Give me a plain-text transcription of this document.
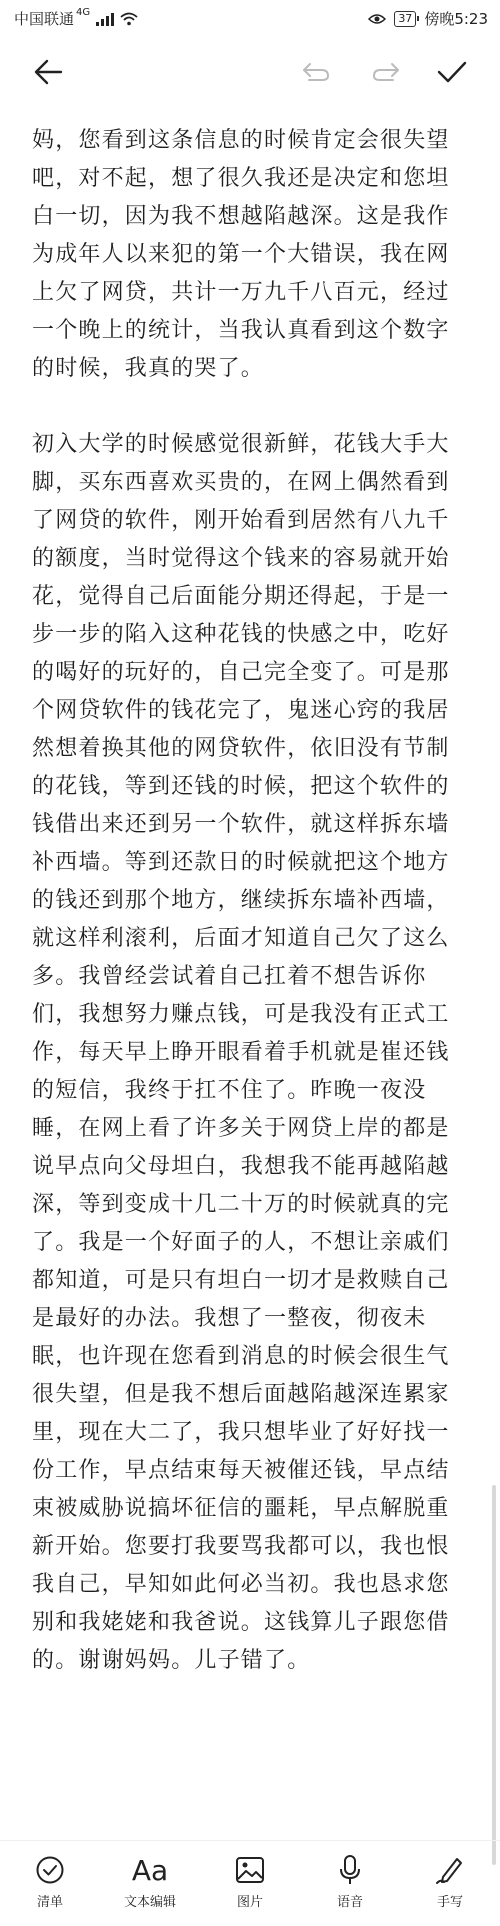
中国联通 4G	37 傍晚5:23

妈，您看到这条信息的时候肯定会很失望吧，对不起，想了很久我还是决定和您坦白一切，因为我不想越陷越深。这是我作为成年人以来犯的第一个大错误，我在网上欠了网贷，共计一万九千八百元，经过一个晚上的统计，当我认真看到这个数字的时候，我真的哭了。

初入大学的时候感觉很新鲜，花钱大手大脚，买东西喜欢买贵的，在网上偶然看到了网贷的软件，刚开始看到居然有八九千的额度，当时觉得这个钱来的容易就开始花，觉得自己后面能分期还得起，于是一步一步的陷入这种花钱的快感之中，吃好的喝好的玩好的，自己完全变了。可是那个网贷软件的钱花完了，鬼迷心窍的我居然想着换其他的网贷软件，依旧没有节制的花钱，等到还钱的时候，把这个软件的钱借出来还到另一个软件，就这样拆东墙补西墙。等到还款日的时候就把这个地方的钱还到那个地方，继续拆东墙补西墙，就这样利滚利，后面才知道自己欠了这么多。我曾经尝试着自己扛着不想告诉你们，我想努力赚点钱，可是我没有正式工作，每天早上睁开眼看着手机就是崔还钱的短信，我终于扛不住了。昨晚一夜没睡，在网上看了许多关于网贷上岸的都是说早点向父母坦白，我想我不能再越陷越深，等到变成十几二十万的时候就真的完了。我是一个好面子的人，不想让亲戚们都知道，可是只有坦白一切才是救赎自己是最好的办法。我想了一整夜，彻夜未眠，也许现在您看到消息的时候会很生气很失望，但是我不想后面越陷越深连累家里，现在大二了，我只想毕业了好好找一份工作，早点结束每天被催还钱，早点结束被威胁说搞坏征信的噩耗，早点解脱重新开始。您要打我要骂我都可以，我也恨我自己，早知如此何必当初。我也恳求您别和我姥姥和我爸说。这钱算儿子跟您借的。谢谢妈妈。儿子错了。

清单
Aa
文本编辑	图片	语音	手写
